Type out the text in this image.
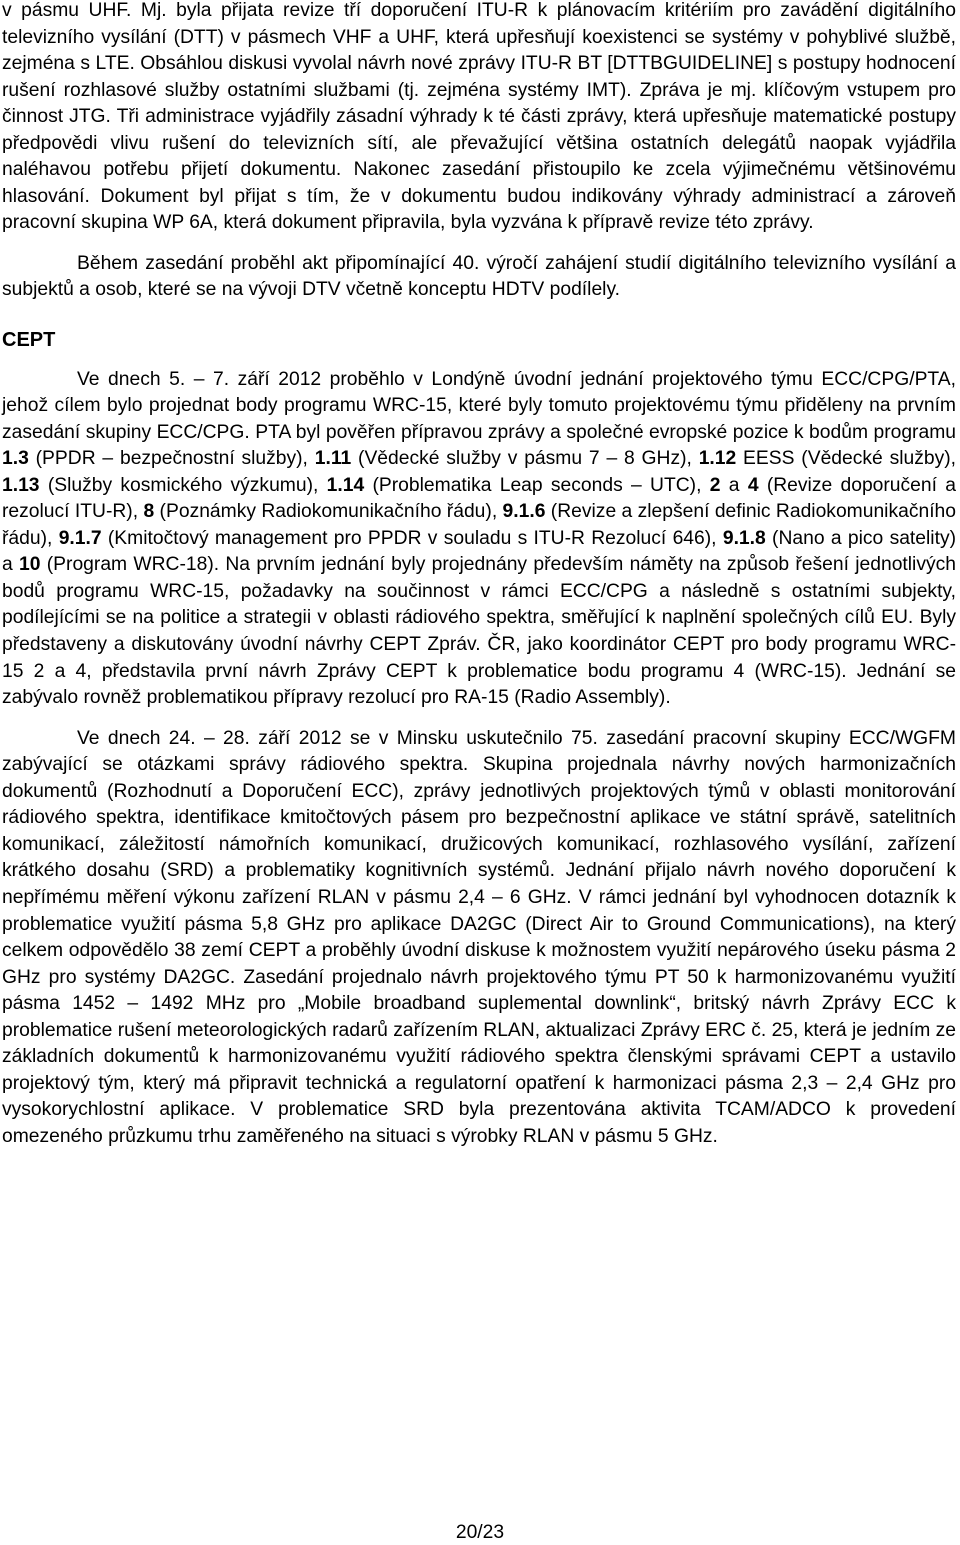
v pásmu UHF. Mj. byla přijata revize tří doporučení ITU-R k plánovacím kritériím pro zavádění digitálního televizního vysílání (DTT) v pásmech VHF a UHF, která upřesňují koexistenci se systémy v pohyblivé službě, zejména s LTE. Obsáhlou diskusi vyvolal návrh nové zprávy ITU-R BT [DTTBGUIDELINE] s postupy hodnocení rušení rozhlasové služby ostatními službami (tj. zejména systémy IMT). Zpráva je mj. klíčovým vstupem pro činnost JTG. Tři administrace vyjádřily zásadní výhrady k té části zprávy, která upřesňuje matematické postupy předpovědi vlivu rušení do televizních sítí, ale převažující většina ostatních delegátů naopak vyjádřila naléhavou potřebu přijetí dokumentu. Nakonec zasedání přistoupilo ke zcela výjimečnému většinovému hlasování. Dokument byl přijat s tím, že v dokumentu budou indikovány výhrady administrací a zároveň pracovní skupina WP 6A, která dokument připravila, byla vyzvána k přípravě revize této zprávy.

Během zasedání proběhl akt připomínající 40. výročí zahájení studií digitálního televizního vysílání a subjektů a osob, které se na vývoji DTV včetně konceptu HDTV podílely.

CEPT

Ve dnech 5. – 7. září 2012 proběhlo v Londýně úvodní jednání projektového týmu ECC/CPG/PTA, jehož cílem bylo projednat body programu WRC-15, které byly tomuto projektovému týmu přiděleny na prvním zasedání skupiny ECC/CPG. PTA byl pověřen přípravou zprávy a společné evropské pozice k bodům programu 1.3 (PPDR – bezpečnostní služby), 1.11 (Vědecké služby v pásmu 7 – 8 GHz), 1.12 EESS (Vědecké služby), 1.13 (Služby kosmického výzkumu), 1.14 (Problematika Leap seconds – UTC), 2 a 4 (Revize doporučení a rezolucí ITU-R), 8 (Poznámky Radiokomunikačního řádu), 9.1.6 (Revize a zlepšení definic Radiokomunikačního řádu), 9.1.7 (Kmitočtový management pro PPDR v souladu s ITU-R Rezolucí 646), 9.1.8 (Nano a pico satelity) a 10 (Program WRC-18). Na prvním jednání byly projednány především náměty na způsob řešení jednotlivých bodů programu WRC-15, požadavky na součinnost v rámci ECC/CPG a následně s ostatními subjekty, podílejícími se na politice a strategii v oblasti rádiového spektra, směřující k naplnění společných cílů EU. Byly představeny a diskutovány úvodní návrhy CEPT Zpráv. ČR, jako koordinátor CEPT pro body programu WRC-15 2 a 4, představila první návrh Zprávy CEPT k problematice bodu programu 4 (WRC-15). Jednání se zabývalo rovněž problematikou přípravy rezolucí pro RA-15 (Radio Assembly).

Ve dnech 24. – 28. září 2012 se v Minsku uskutečnilo 75. zasedání pracovní skupiny ECC/WGFM zabývající se otázkami správy rádiového spektra. Skupina projednala návrhy nových harmonizačních dokumentů (Rozhodnutí a Doporučení ECC), zprávy jednotlivých projektových týmů v oblasti monitorování rádiového spektra, identifikace kmitočtových pásem pro bezpečnostní aplikace ve státní správě, satelitních komunikací, záležitostí námořních komunikací, družicových komunikací, rozhlasového vysílání, zařízení krátkého dosahu (SRD) a problematiky kognitivních systémů. Jednání přijalo návrh nového doporučení k nepřímému měření výkonu zařízení RLAN v pásmu 2,4 – 6 GHz. V rámci jednání byl vyhodnocen dotazník k problematice využití pásma 5,8 GHz pro aplikace DA2GC (Direct Air to Ground Communications), na který celkem odpovědělo 38 zemí CEPT a proběhly úvodní diskuse k možnostem využití nepárového úseku pásma 2 GHz pro systémy DA2GC. Zasedání projednalo návrh projektového týmu PT 50 k harmonizovanému využití pásma 1452 – 1492 MHz pro „Mobile broadband suplemental downlink“, britský návrh Zprávy ECC k problematice rušení meteorologických radarů zařízením RLAN, aktualizaci Zprávy ERC č. 25, která je jedním ze základních dokumentů k harmonizovanému využití rádiového spektra členskými správami CEPT a ustavilo projektový tým, který má připravit technická a regulatorní opatření k harmonizaci pásma 2,3 – 2,4 GHz pro vysokorychlostní aplikace. V problematice SRD byla prezentována aktivita TCAM/ADCO k provedení omezeného průzkumu trhu zaměřeného na situaci s výrobky RLAN v pásmu 5 GHz.

20/23
